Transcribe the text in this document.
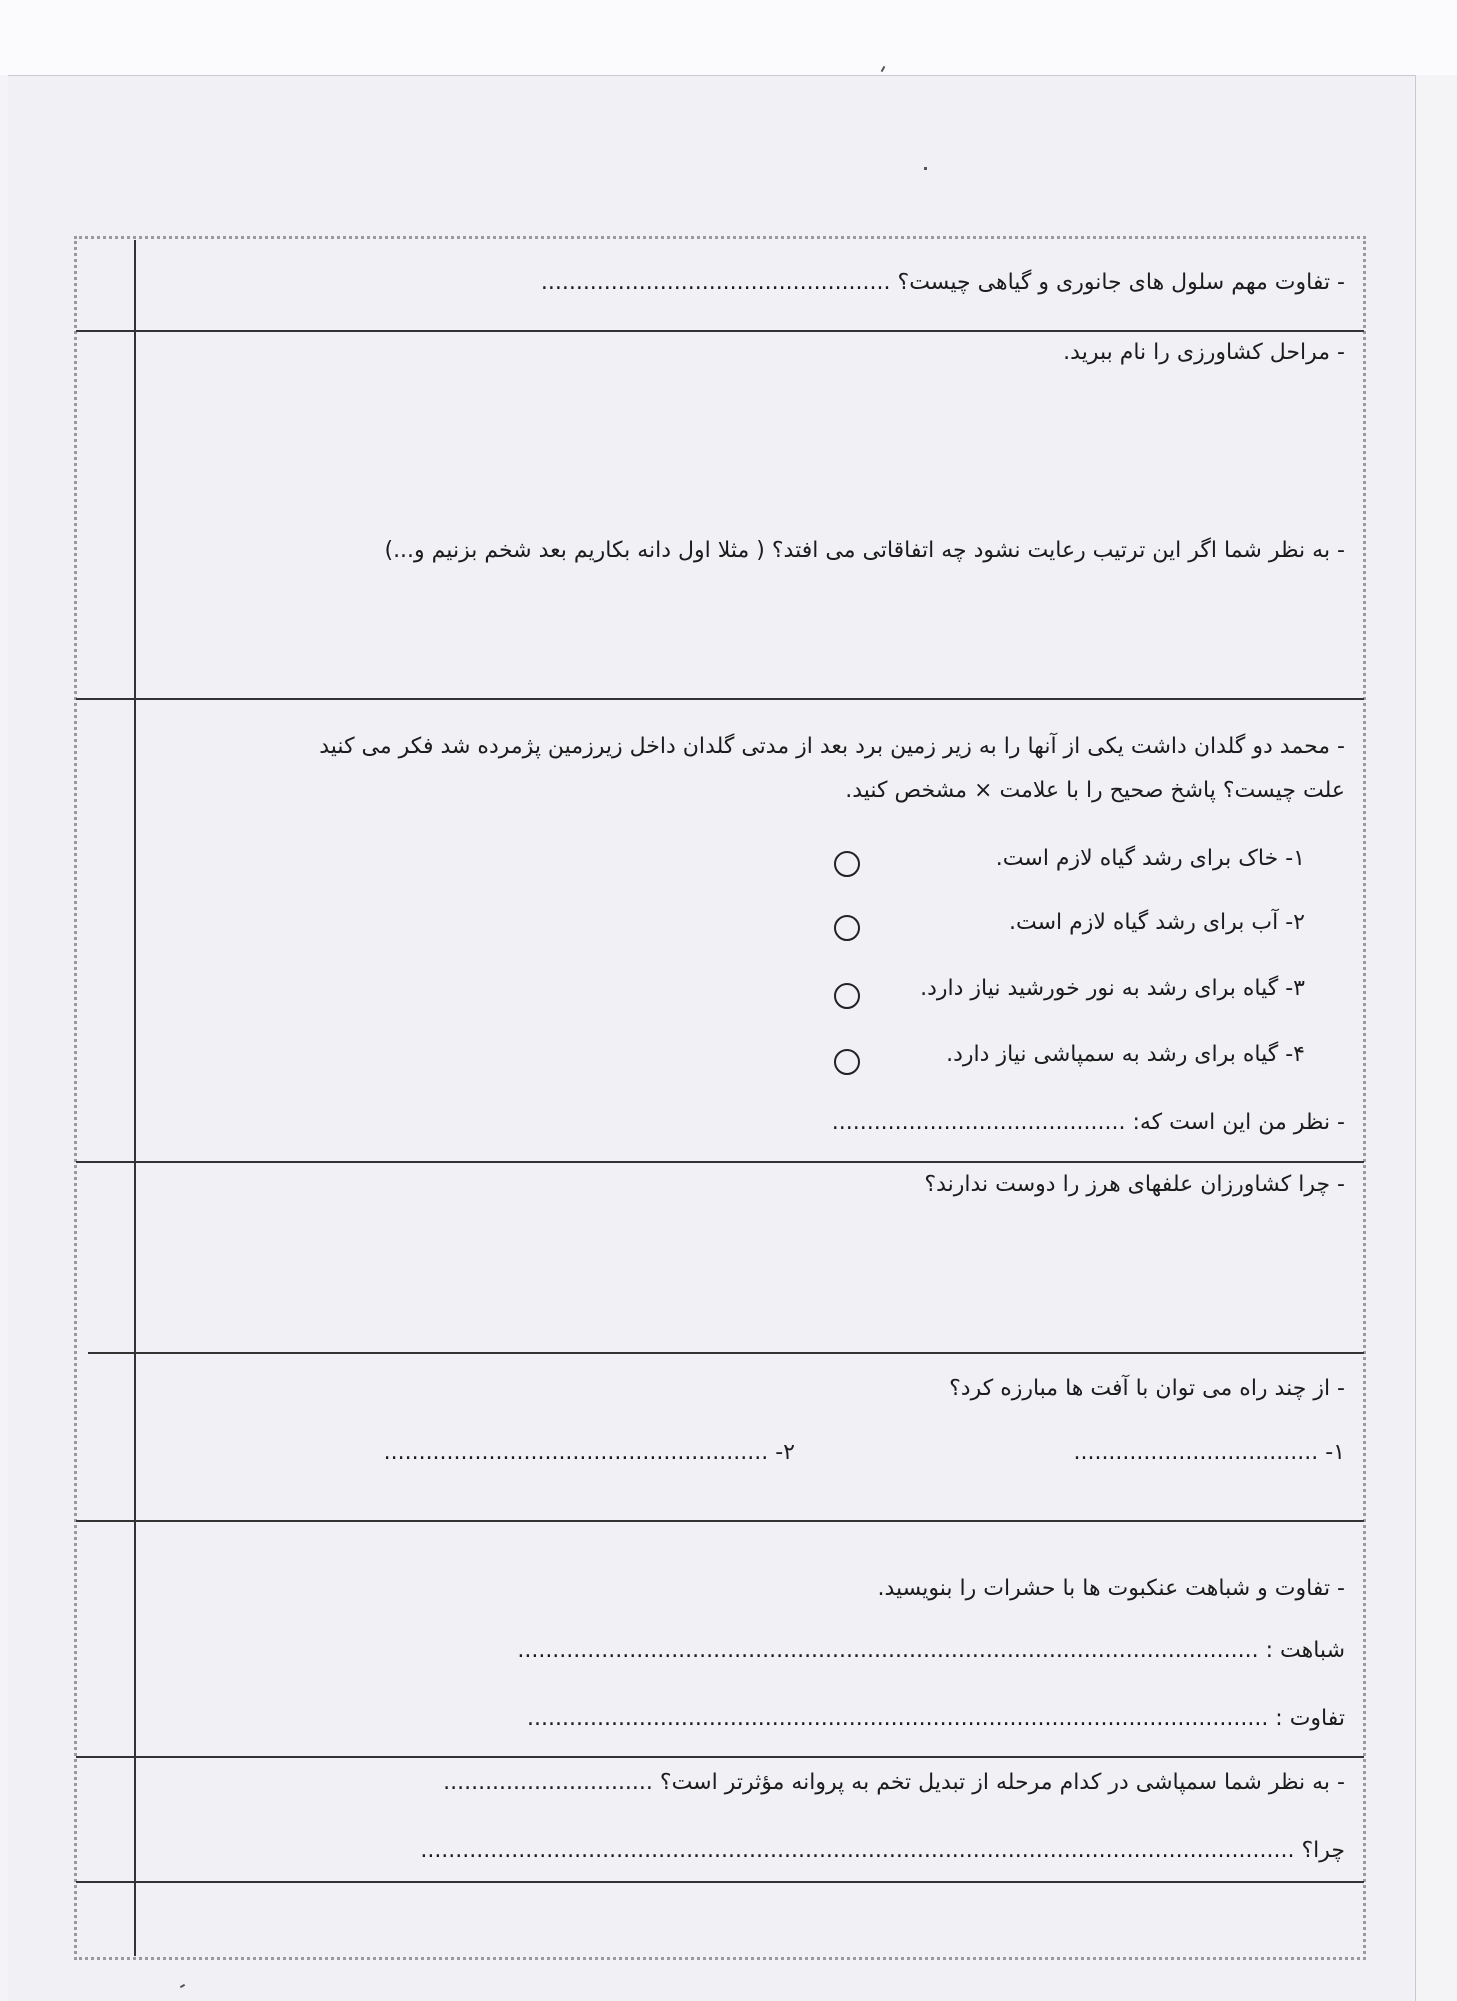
- تفاوت مهم سلول های جانوری و گیاهی چیست؟ ..................................................
- مراحل کشاورزی را نام ببرید.
- به نظر شما اگر این ترتیب رعایت نشود چه اتفاقاتی می افتد؟ ( مثلا اول دانه بکاریم بعد شخم بزنیم و...)
- محمد دو گلدان داشت یکی از آنها را به زیر زمین برد بعد از مدتی گلدان داخل زیرزمین پژمرده شد فکر می کنید
علت چیست؟ پاشخ صحیح را با علامت × مشخص کنید.
۱- خاک برای رشد گیاه لازم است.
۲- آب برای رشد گیاه لازم است.
۳- گیاه برای رشد به نور خورشید نیاز دارد.
۴- گیاه برای رشد به سمپاشی نیاز دارد.
- نظر من این است که: ..........................................
- چرا کشاورزان علفهای هرز را دوست ندارند؟
- از چند راه می توان با آفت ها مبارزه کرد؟
۱- ...................................
۲- .......................................................
- تفاوت و شباهت عنکبوت ها با حشرات را بنویسید.
شباهت : ..........................................................................................................
تفاوت : ..........................................................................................................
- به نظر شما سمپاشی در کدام مرحله از تبدیل تخم به پروانه مؤثرتر است؟ ..............................
چرا؟ .............................................................................................................................
